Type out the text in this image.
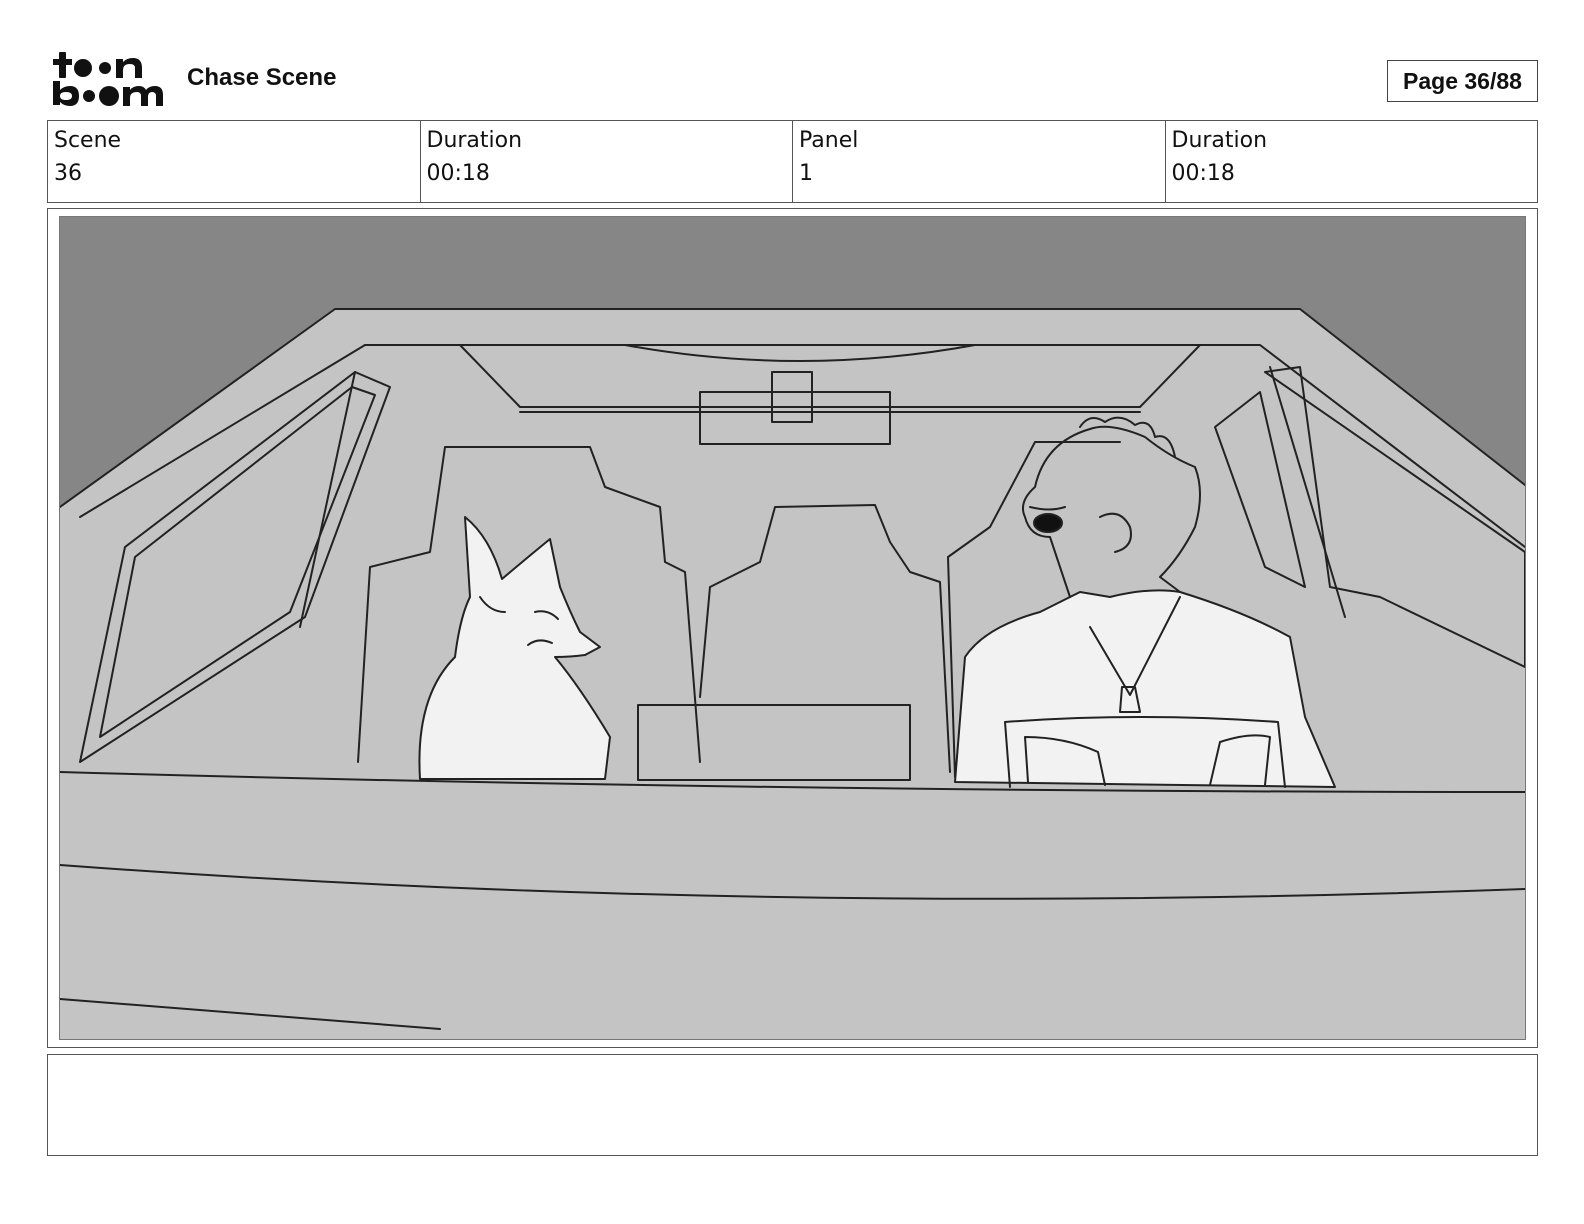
Chase Scene	Page 36/88
Scene
36
Duration
00:18
Panel
1
Duration
00:18
